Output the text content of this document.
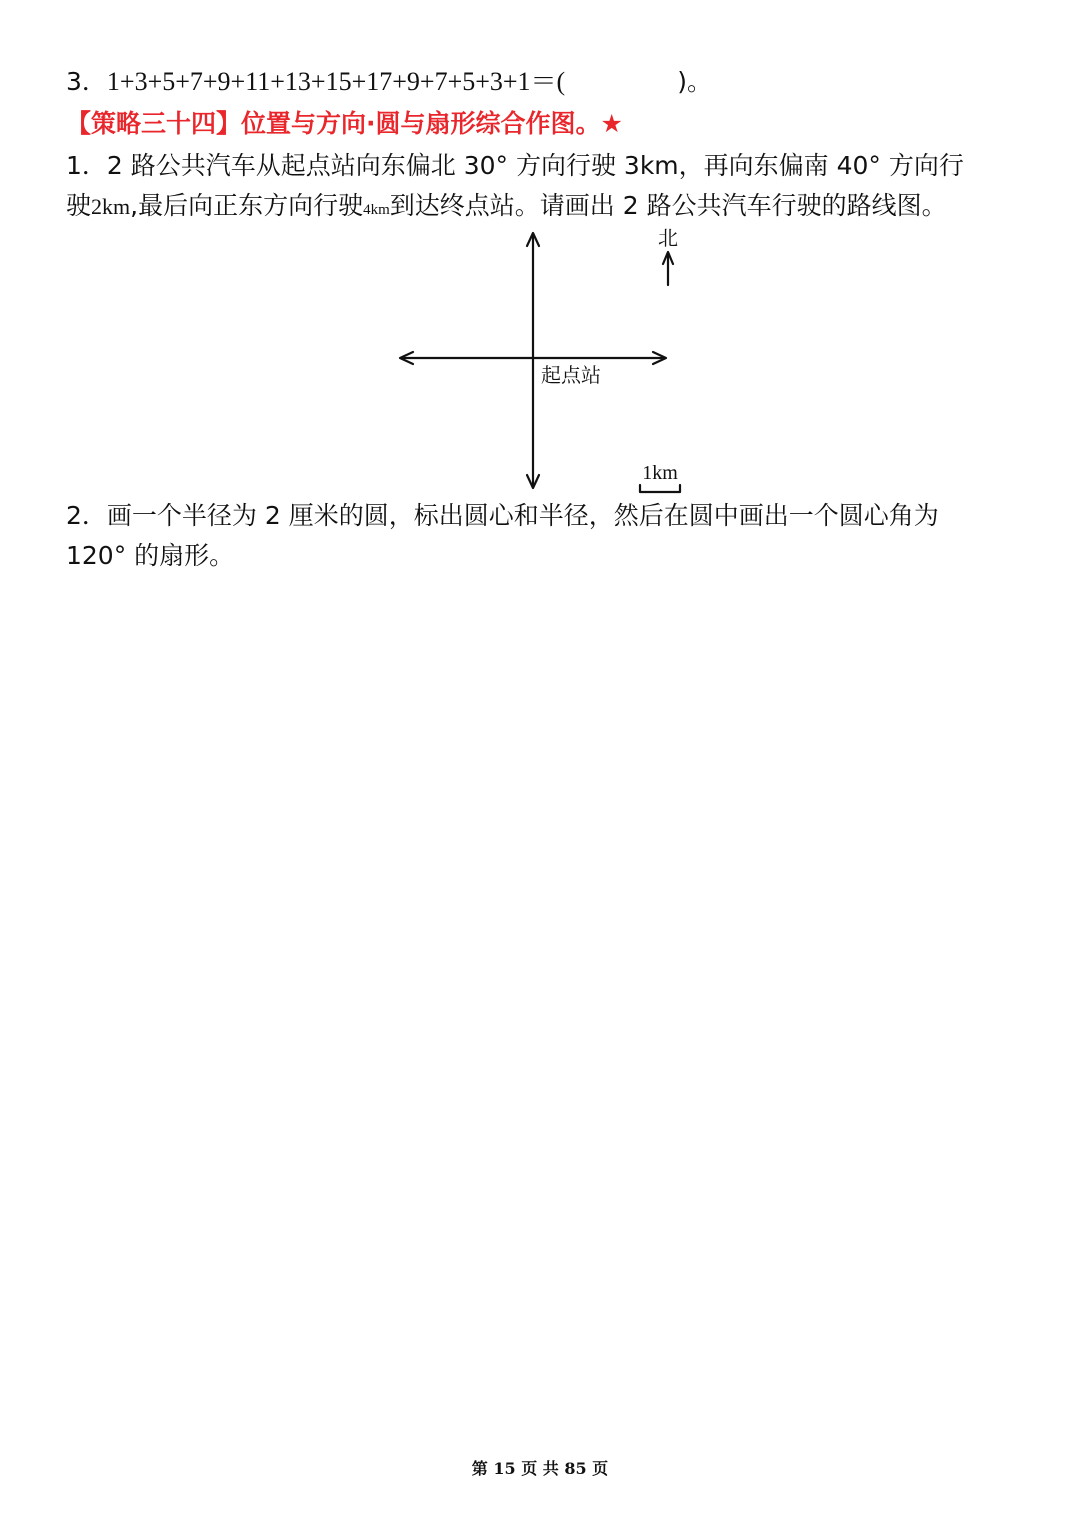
3．1+3+5+7+9+11+13+15+17+9+7+5+3+1＝(	)。
【策略三十四】位置与方向·圆与扇形综合作图。★
1．2 路公共汽车从起点站向东偏北 30° 方向行驶 3km，再向东偏南 40° 方向行
驶2km,最后向正东方向行驶4km到达终点站。请画出 2 路公共汽车行驶的路线图。
北
起点站
1km
2．画一个半径为 2 厘米的圆，标出圆心和半径，然后在圆中画出一个圆心角为
120° 的扇形。
第 15 页 共 85 页
